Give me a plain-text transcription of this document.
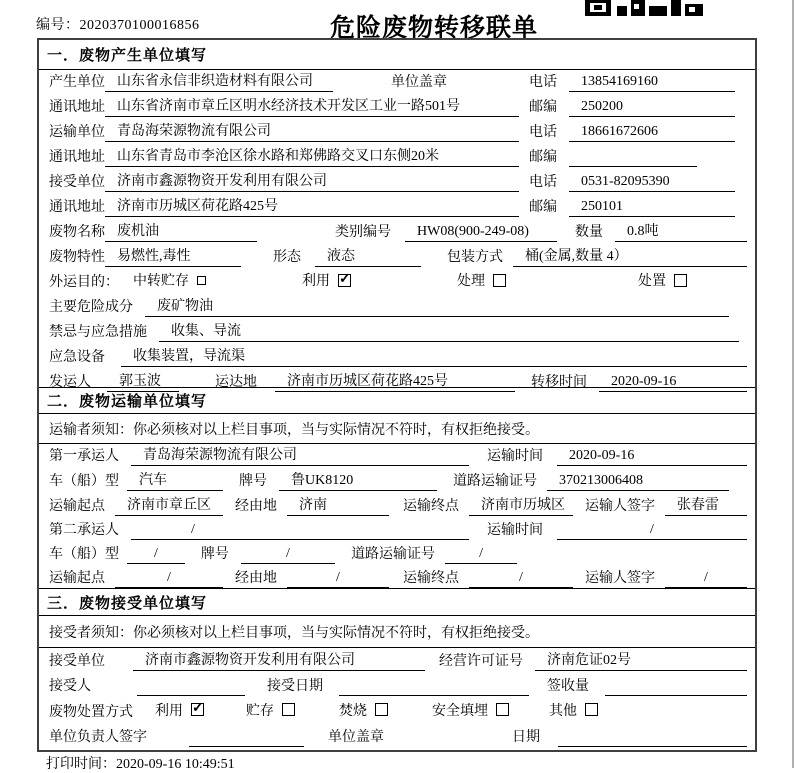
编号：2020370100016856	危险废物转移联单
一．废物产生单位填写
产生单位 山东省永信非织造材料有限公司	单位盖章	电话	13854169160
通讯地址 山东省济南市章丘区明水经济技术开发区工业一路501号	邮编	250200
运输单位 青岛海荣源物流有限公司	电话	18661672606
通讯地址 山东省青岛市李沧区徐水路和郑佛路交叉口东侧20米	邮编
接受单位 济南市鑫源物资开发利用有限公司	电话	0531-82095390
通讯地址 济南市历城区荷花路425号	邮编	250101
废物名称 废机油	类别编号	HW08(900-249-08)	数量	0.8吨
废物特性 易燃性,毒性	形态	液态	包装方式	桶(金属,数量 4）
外运目的： 中转贮存	利用 ✓	处理	处置
主要危险成分	废矿物油
禁忌与应急措施	收集、导流
应急设备	收集装置，导流渠
发运人	郭玉波	运达地	济南市历城区荷花路425号	转移时间	2020-09-16
二．废物运输单位填写
运输者须知：你必须核对以上栏目事项，当与实际情况不符时，有权拒绝接受。
第一承运人	青岛海荣源物流有限公司	运输时间	2020-09-16
车（船）型	汽车	牌号	鲁UK8120	道路运输证号	370213006408
运输起点	济南市章丘区	经由地	济南	运输终点	济南市历城区	运输人签字	张春雷
第二承运人	/	运输时间	/
车（船）型	/	牌号	/	道路运输证号	/
运输起点	/	经由地	/	运输终点	/	运输人签字	/
三．废物接受单位填写
接受者须知：你必须核对以上栏目事项，当与实际情况不符时，有权拒绝接受。
接受单位	济南市鑫源物资开发利用有限公司	经营许可证号	济南危证02号
接受人	接受日期	签收量
废物处置方式 利用 ✓	贮存	焚烧	安全填埋	其他
单位负责人签字	单位盖章	日期
打印时间：2020-09-16 10:49:51
